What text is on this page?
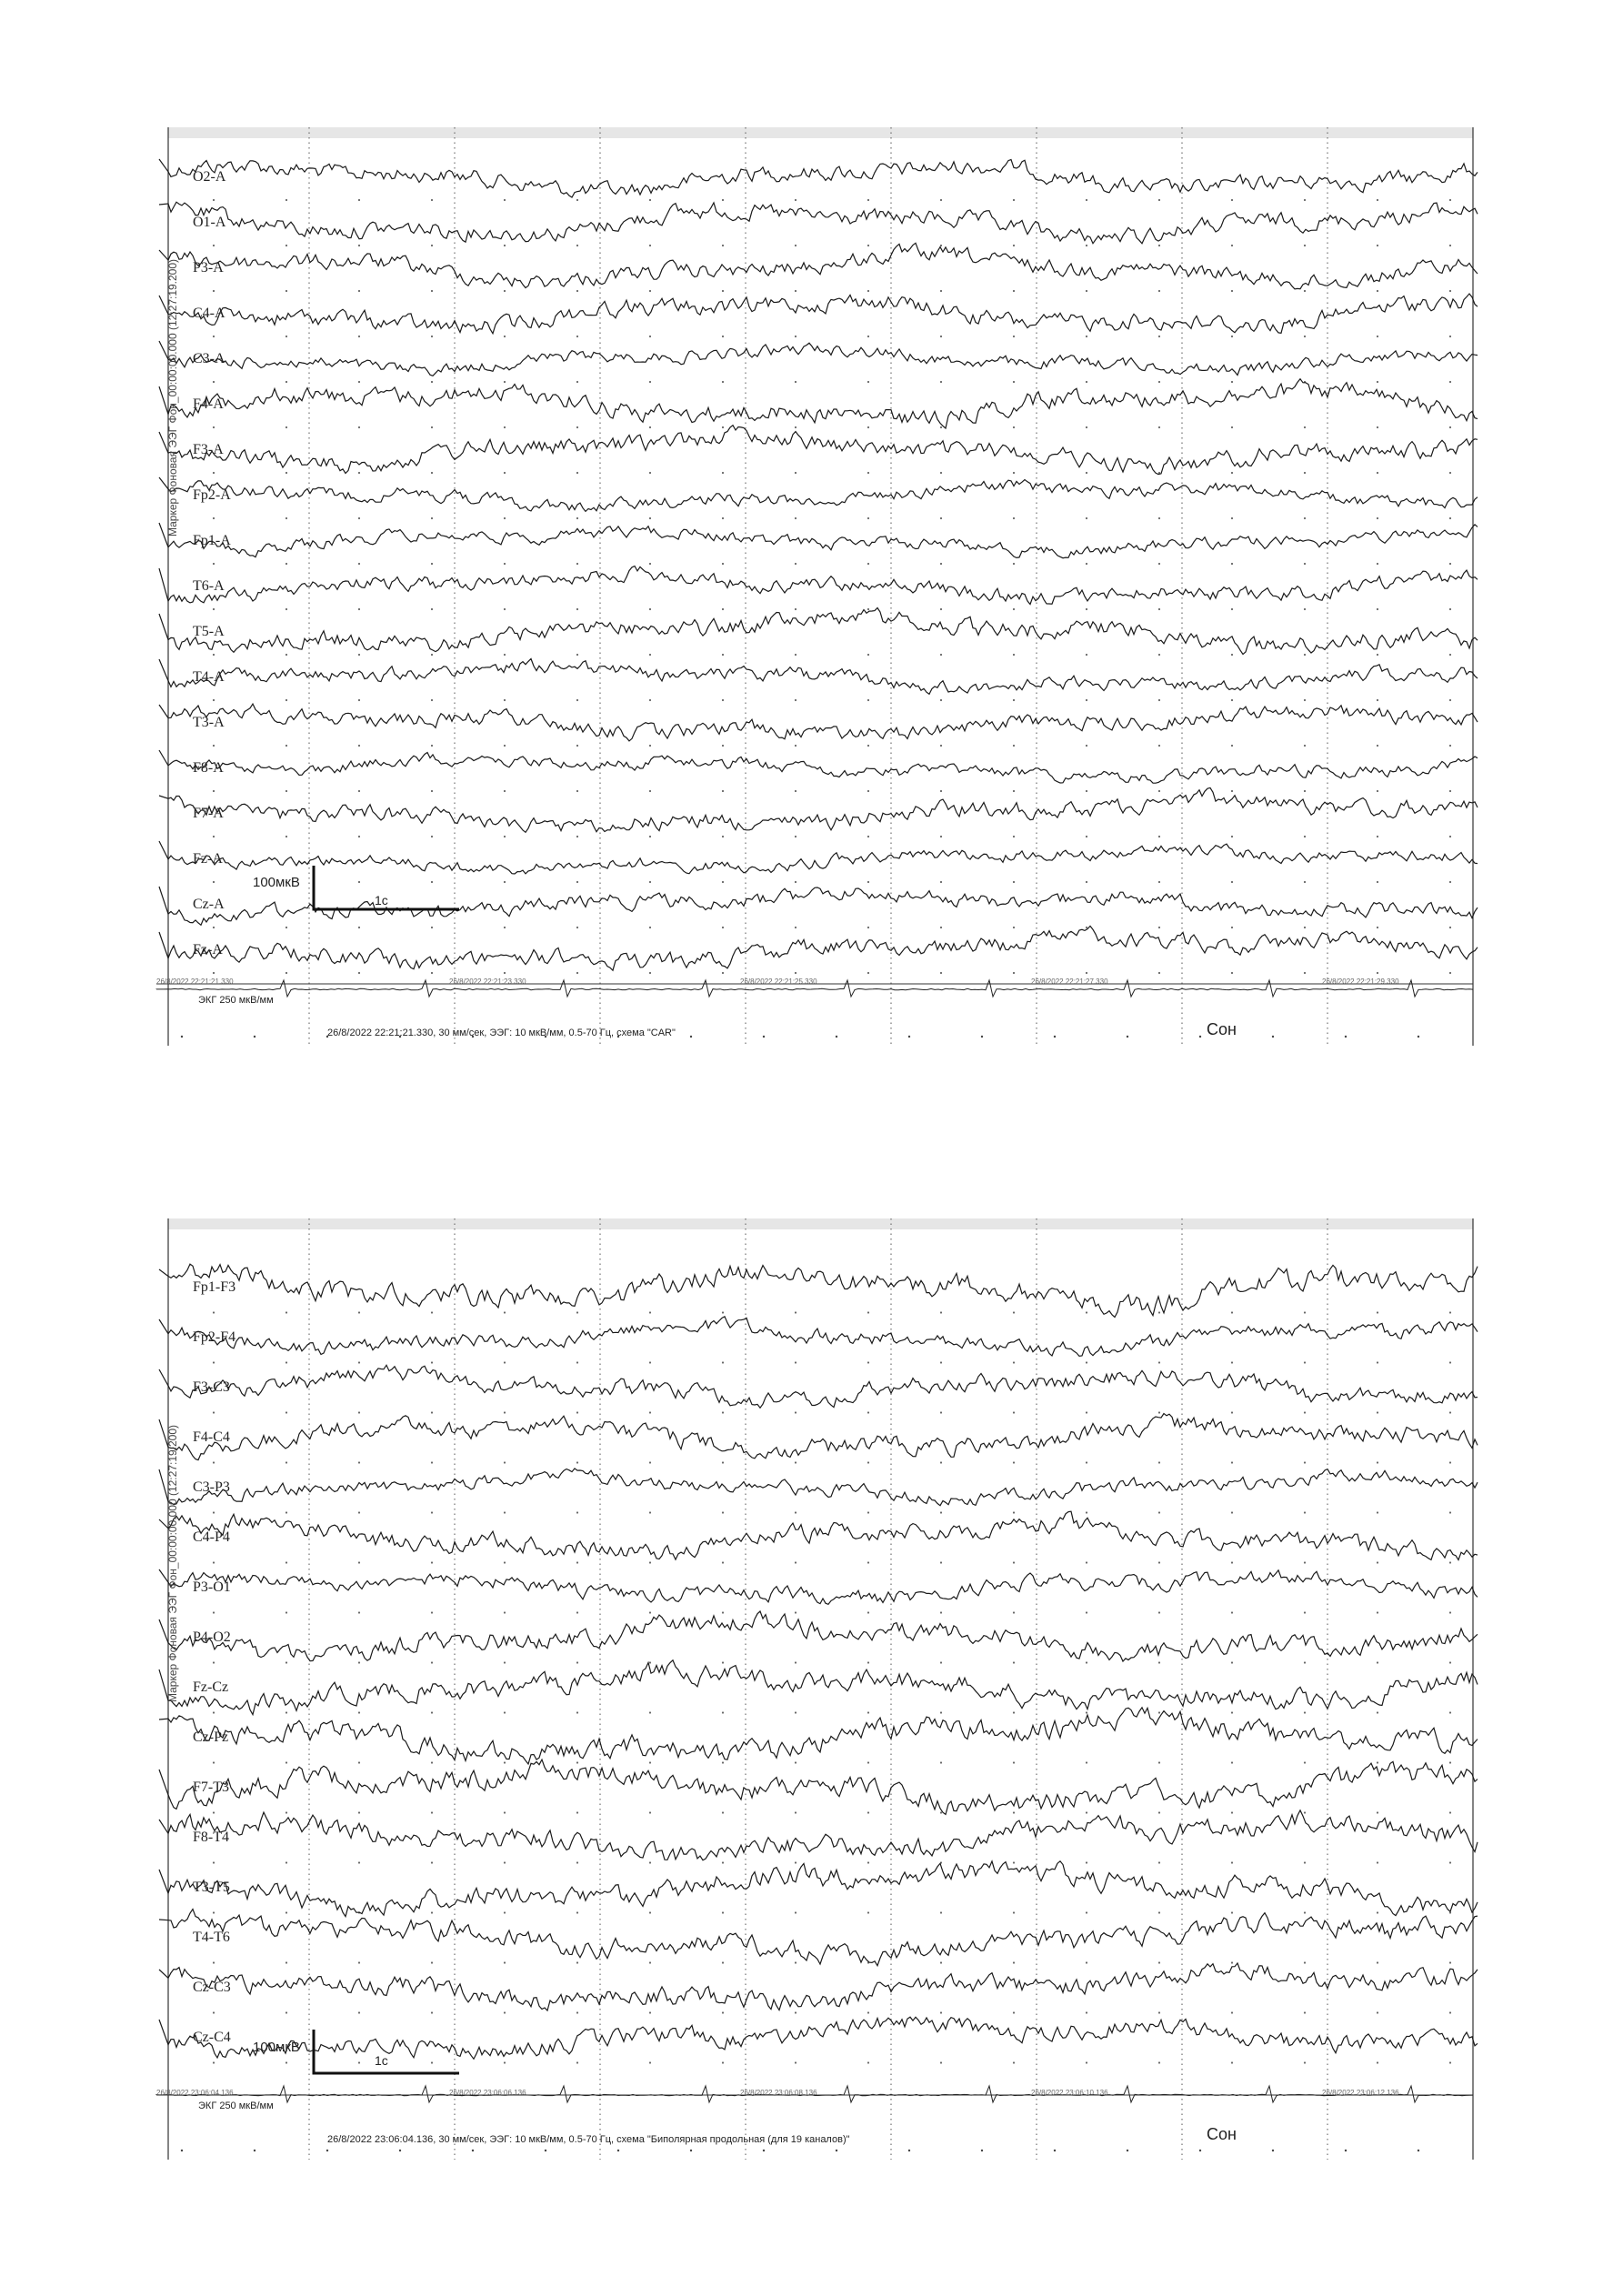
Маркер Фоновая ЭЭГ Фон_00:00:00.000 (12:27:19.200)
O2-A
O1-A
P3-A
C4-A
C3-A
F4-A
F3-A
Fp2-A
Fp1-A
T6-A
T5-A
T4-A
T3-A
F8-A
F7-A
Fz-A
Cz-A
Fz-A
100мкВ
1с
26/8/2022 22:21:21.330	26/8/2022 22:21:23.330	26/8/2022 22:21:25.330	26/8/2022 22:21:27.330	26/8/2022 22:21:29.330
ЭКГ 250 мкВ/мм
26/8/2022 22:21:21.330, 30 мм/сек, ЭЭГ: 10 мкВ/мм, 0.5-70 Гц, схема "CAR"	Сон
Маркер Фоновая ЭЭГ Фон_00:00:00.000 (12:27:19.200)
Fp1-F3
Fp2-F4
F3-C3
F4-C4
C3-P3
C4-P4
P3-O1
P4-O2
Fz-Cz
Cz-Pz
F7-T3
F8-T4
T3-T5
T4-T6
Cz-C3
Cz-C4
100мкВ
1с
26/8/2022 23:06:04.136	26/8/2022 23:06:06.136	26/8/2022 23:06:08.136	26/8/2022 23:06:10.136	26/8/2022 23:06:12.136
ЭКГ 250 мкВ/мм
26/8/2022 23:06:04.136, 30 мм/сек, ЭЭГ: 10 мкВ/мм, 0.5-70 Гц, схема "Биполярная продольная (для 19 каналов)"	Сон
